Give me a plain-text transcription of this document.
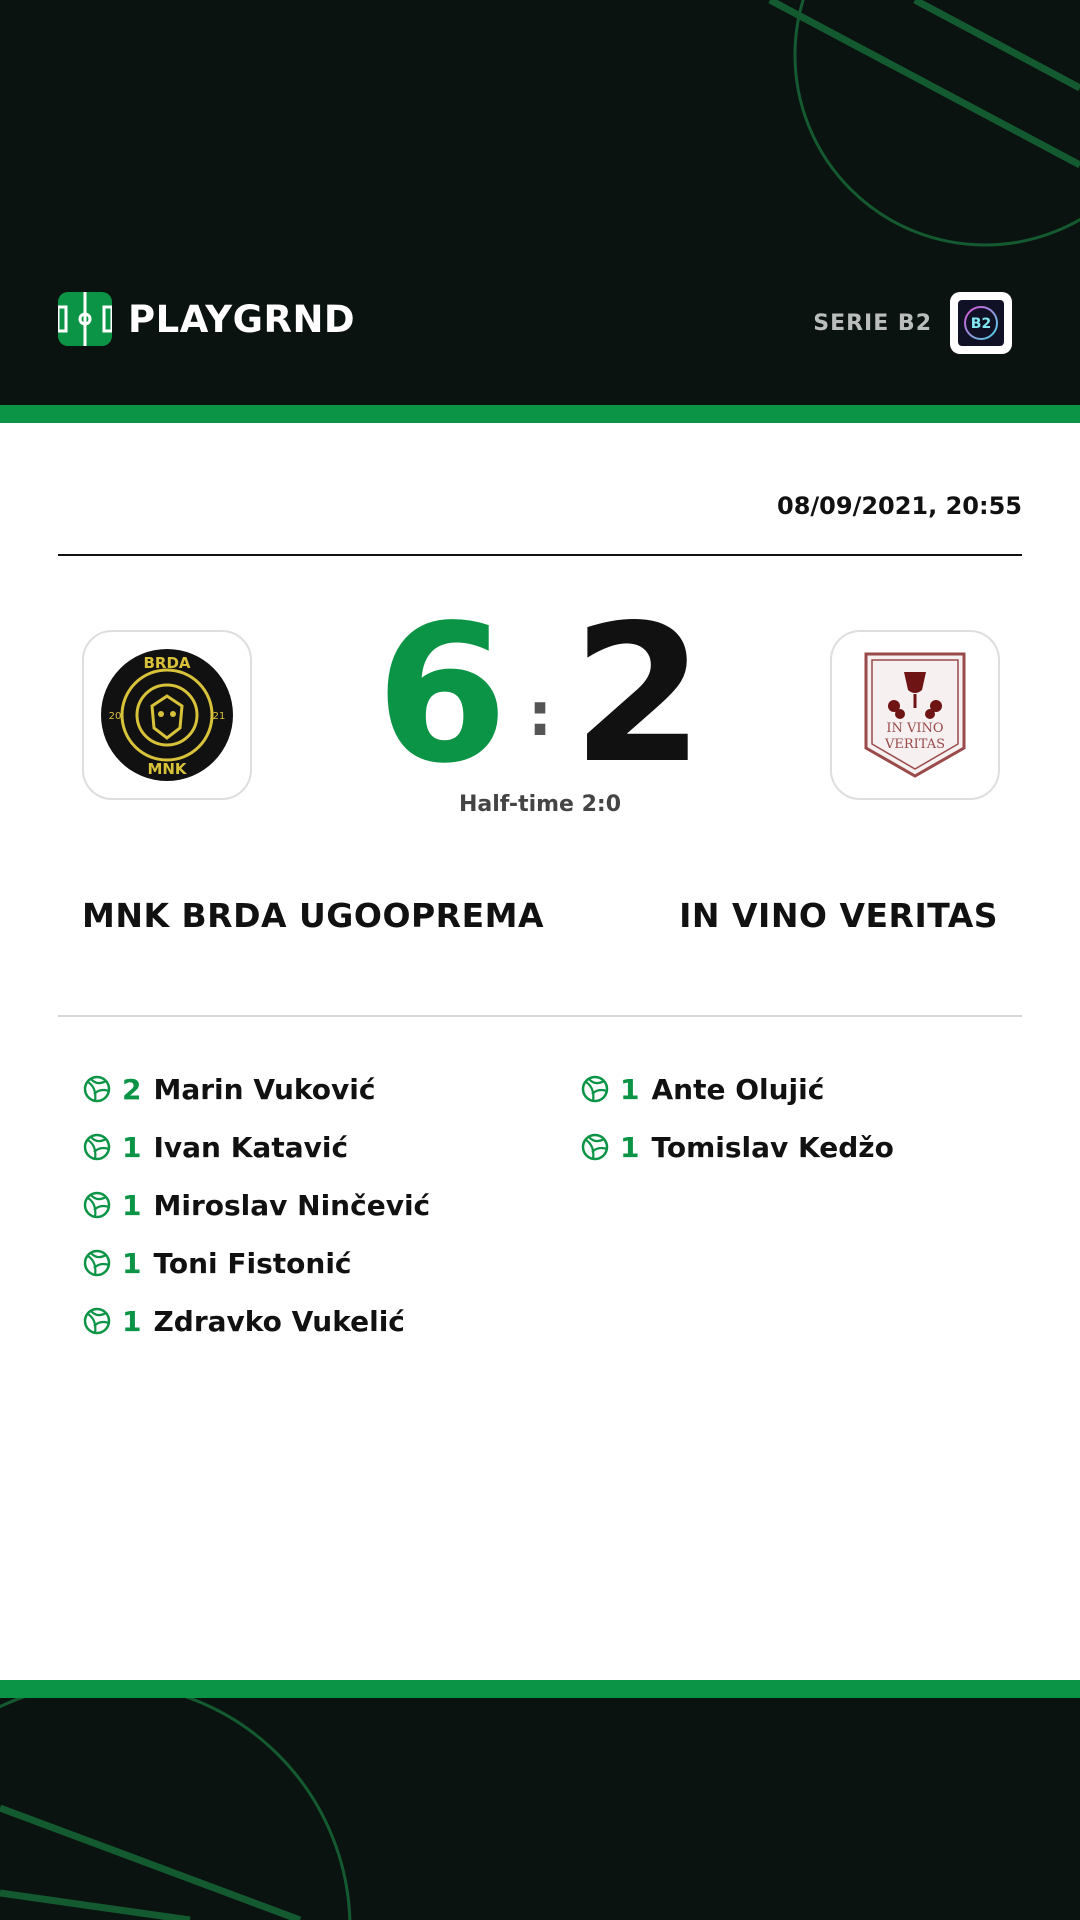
PLAYGRND	SERIE B2	B2
08/09/2021, 20:55
BRDA
MNK
20	21 6 : 2
Half-time 2:0
IN VINO
VERITAS
MNK BRDA UGOOPREMA	IN VINO VERITAS
2 Marin Vuković
1 Ivan Katavić
1 Miroslav Ninčević
1 Toni Fistonić
1 Zdravko Vukelić
1 Ante Olujić
1 Tomislav Kedžo
